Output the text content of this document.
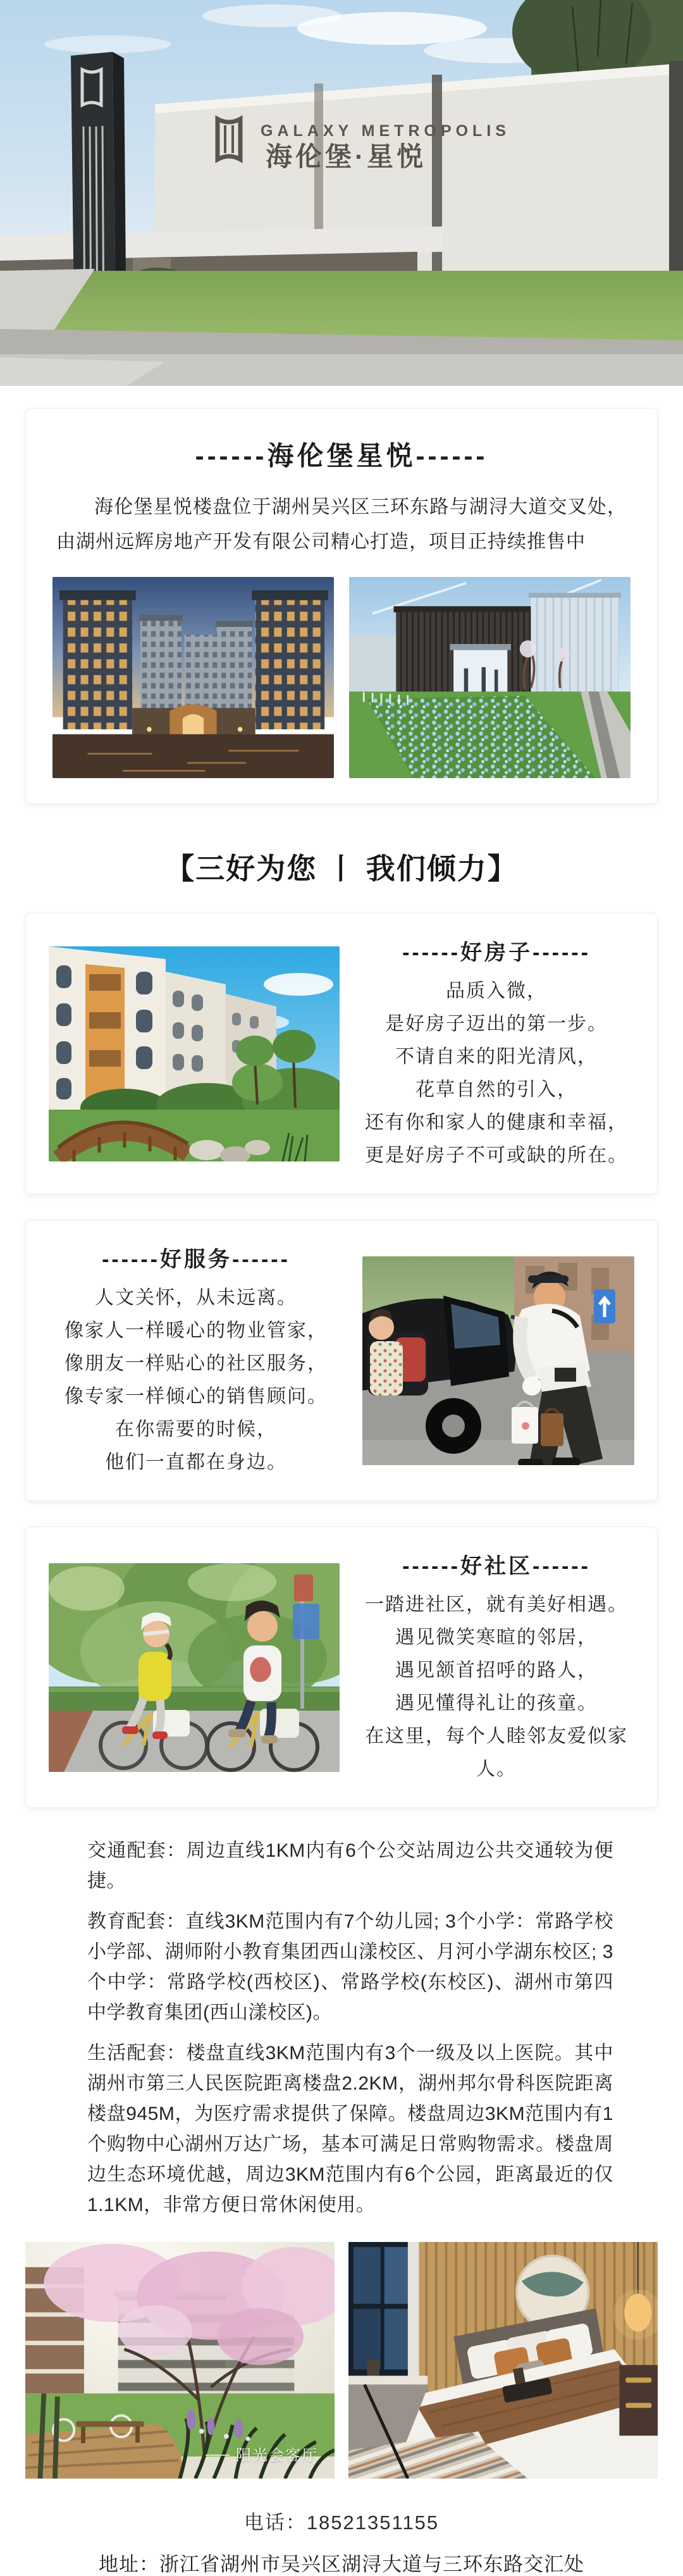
GALAXY METROPOLIS
海伦堡·星悦
------海伦堡星悦------

海伦堡星悦楼盘位于湖州吴兴区三环东路与湖浔大道交叉处，由湖州远辉房地产开发有限公司精心打造，项目正持续推售中

【三好为您 丨 我们倾力】
------好房子------

品质入微，

是好房子迈出的第一步。

不请自来的阳光清风，

花草自然的引入，

还有你和家人的健康和幸福，

更是好房子不可或缺的所在。

------好服务------

人文关怀，从未远离。

像家人一样暖心的物业管家，

像朋友一样贴心的社区服务，

像专家一样倾心的销售顾问。

在你需要的时候，

他们一直都在身边。

------好社区------

一踏进社区，就有美好相遇。

遇见微笑寒暄的邻居，

遇见颔首招呼的路人，

遇见懂得礼让的孩童。

在这里，每个人睦邻友爱似家人。

交通配套：周边直线1KM内有6个公交站周边公共交通较为便捷。

教育配套：直线3KM范围内有7个幼儿园; 3个小学：常路学校小学部、湖师附小教育集团西山漾校区、月河小学湖东校区; 3个中学：常路学校(西校区)、常路学校(东校区)、湖州市第四中学教育集团(西山漾校区)。

生活配套：楼盘直线3KM范围内有3个一级及以上医院。其中湖州市第三人民医院距离楼盘2.2KM，湖州邦尔骨科医院距离楼盘945M，为医疗需求提供了保障。楼盘周边3KM范围内有1个购物中心湖州万达广场，基本可满足日常购物需求。楼盘周边生态环境优越，周边3KM范围内有6个公园，距离最近的仅1.1KM，非常方便日常休闲使用。

阳光会客厅

电话：18521351155

地址：浙江省湖州市吴兴区湖浔大道与三环东路交汇处
